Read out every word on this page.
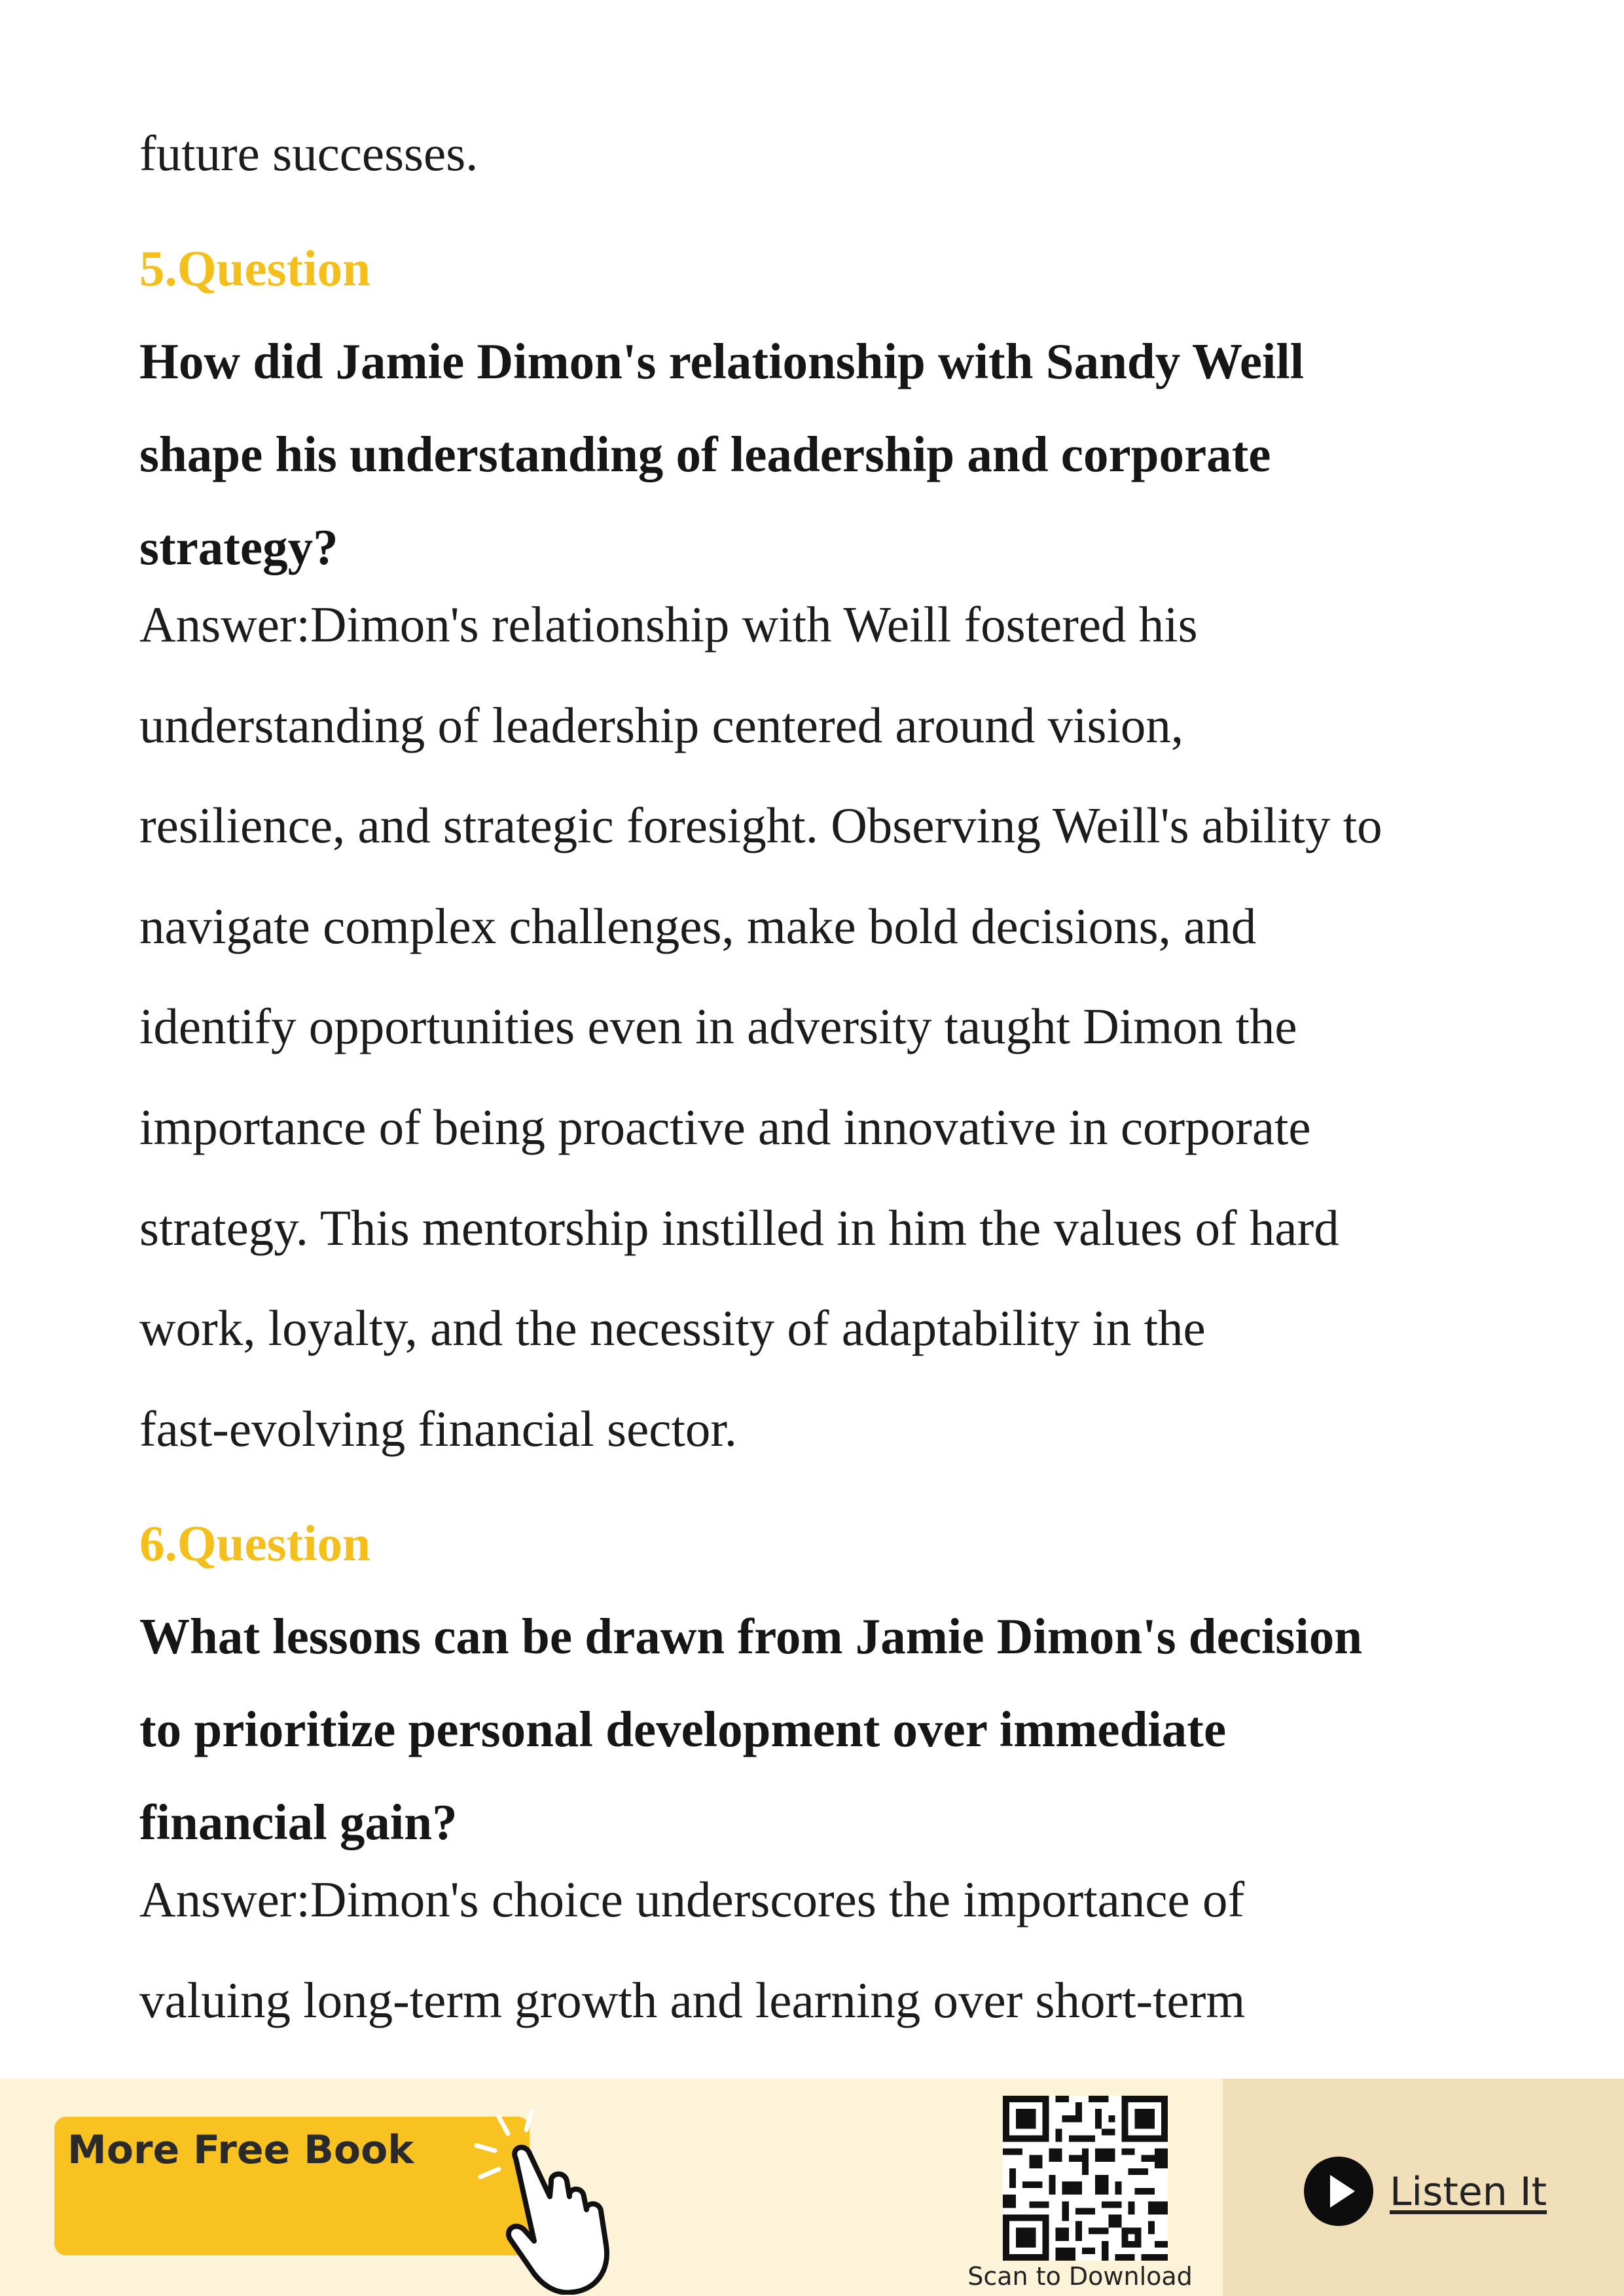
future successes.
5.Question
How did Jamie Dimon's relationship with Sandy Weill
shape his understanding of leadership and corporate
strategy?
Answer:Dimon's relationship with Weill fostered his
understanding of leadership centered around vision,
resilience, and strategic foresight. Observing Weill's ability to
navigate complex challenges, make bold decisions, and
identify opportunities even in adversity taught Dimon the
importance of being proactive and innovative in corporate
strategy. This mentorship instilled in him the values of hard
work, loyalty, and the necessity of adaptability in the
fast-evolving financial sector.
6.Question
What lessons can be drawn from Jamie Dimon's decision
to prioritize personal development over immediate
financial gain?
Answer:Dimon's choice underscores the importance of
valuing long-term growth and learning over short-term
More Free Book
Scan to Download
Listen It
